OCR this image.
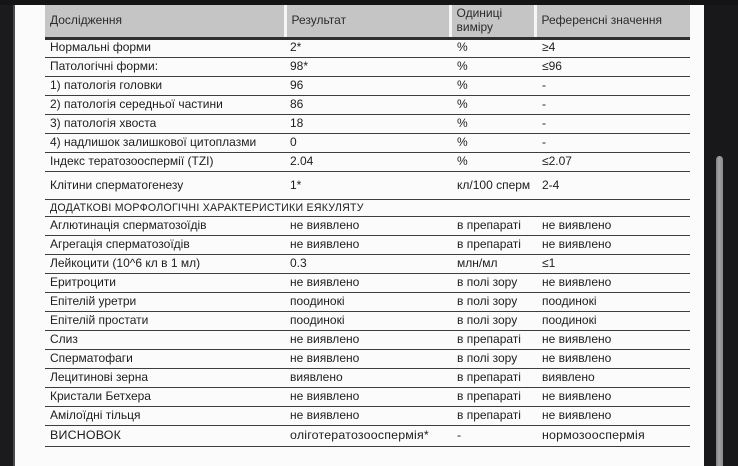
Дослідження	Результат	Одиниці виміру	Референсні значення
Нормальні форми	2*	%	≥4
Патологічні форми:	98*	%	≤96
1) патологія головки	96	%	-
2) патологія середньої частини	86	%	-
3) патологія хвоста	18	%	-
4) надлишок залишкової цитоплазми	0	%	-
Індекс тератозооспермії (TZI)	2.04	%	≤2.07
Клітини сперматогенезу	1*	кл/100 сперм	2-4
ДОДАТКОВІ МОРФОЛОГІЧНІ ХАРАКТЕРИСТИКИ ЕЯКУЛЯТУ			
Аглютинація сперматозоїдів	не виявлено	в препараті	не виявлено
Агрегація сперматозоїдів	не виявлено	в препараті	не виявлено
Лейкоцити (10^6 кл в 1 мл)	0.3	млн/мл	≤1
Еритроцити	не виявлено	в полі зору	не виявлено
Епітелій уретри	поодинокі	в полі зору	поодинокі
Епітелій простати	поодинокі	в полі зору	поодинокі
Слиз	не виявлено	в препараті	не виявлено
Сперматофаги	не виявлено	в полі зору	не виявлено
Лецитинові зерна	виявлено	в препараті	виявлено
Кристали Бетхера	не виявлено	в препараті	не виявлено
Амілоїдні тільця	не виявлено	в препараті	не виявлено
ВИСНОВОК	оліготератозооспермія*	-	нормозооспермія
